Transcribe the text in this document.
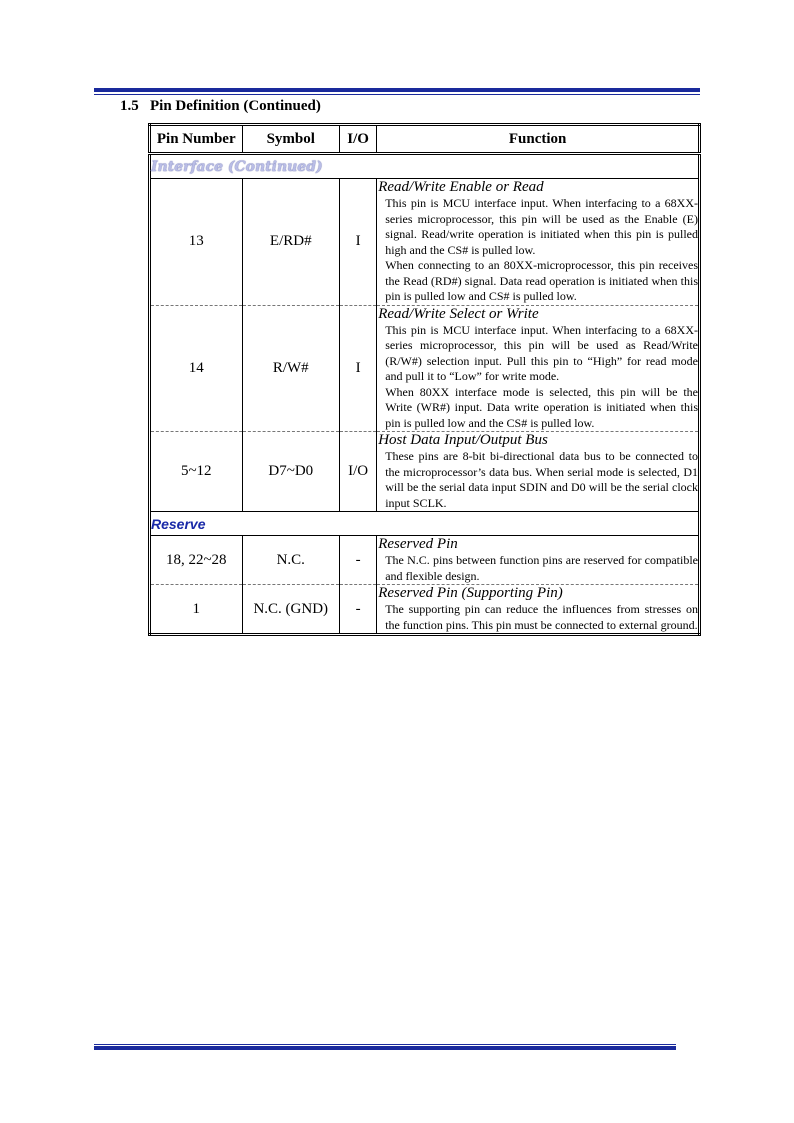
1.5 Pin Definition (Continued)
Pin Number	Symbol	I/O	Function
Interface (Continued)			
13	E/RD#	I	Read/Write Enable or Read
This pin is MCU interface input. When interfacing to a 68XX-series microprocessor, this pin will be used as the Enable (E) signal. Read/write operation is initiated when this pin is pulled high and the CS# is pulled low.
When connecting to an 80XX-microprocessor, this pin receives the Read (RD#) signal. Data read operation is initiated when this pin is pulled low and CS# is pulled low.

14	R/W#	I	Read/Write Select or Write
This pin is MCU interface input. When interfacing to a 68XX-series microprocessor, this pin will be used as Read/Write (R/W#) selection input. Pull this pin to “High” for read mode and pull it to “Low” for write mode.
When 80XX interface mode is selected, this pin will be the Write (WR#) input. Data write operation is initiated when this pin is pulled low and the CS# is pulled low.

5~12	D7~D0	I/O	Host Data Input/Output Bus
These pins are 8-bit bi-directional data bus to be connected to the microprocessor’s data bus. When serial mode is selected, D1 will be the serial data input SDIN and D0 will be the serial clock input SCLK.

Reserve			
18, 22~28	N.C.	-	Reserved Pin
The N.C. pins between function pins are reserved for compatible and flexible design.

1	N.C. (GND)	-	Reserved Pin (Supporting Pin)
The supporting pin can reduce the influences from stresses on the function pins. This pin must be connected to external ground.
